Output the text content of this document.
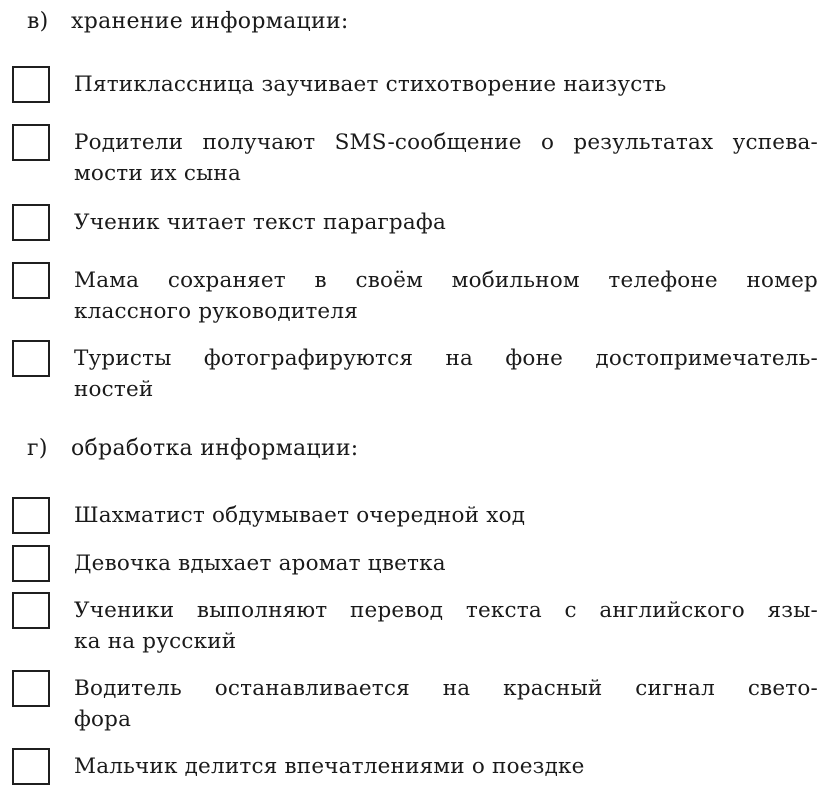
в) хранение информации:
Пятиклассница заучивает стихотворение наизусть
Родители получают SMS-сообщение о результатах успева-
мости их сына
Ученик читает текст параграфа
Мама сохраняет в своём мобильном телефоне номер
классного руководителя
Туристы фотографируются на фоне достопримечатель-
ностей
г) обработка информации:
Шахматист обдумывает очередной ход
Девочка вдыхает аромат цветка
Ученики выполняют перевод текста с английского язы-
ка на русский
Водитель останавливается на красный сигнал свето-
фора
Мальчик делится впечатлениями о поездке
